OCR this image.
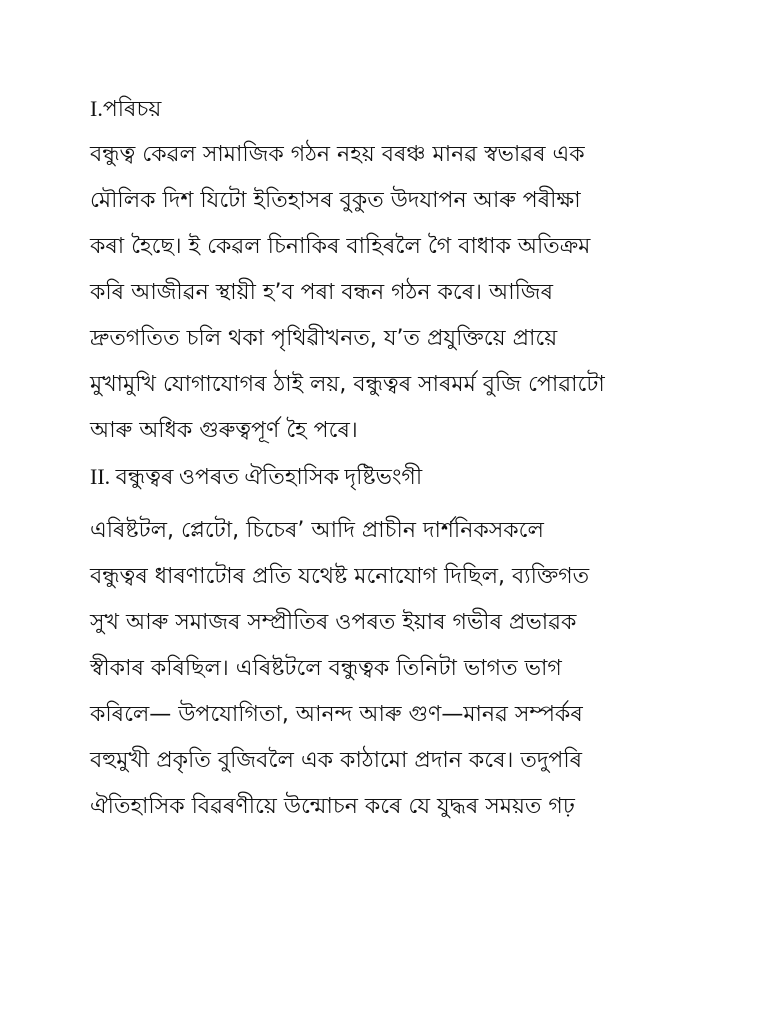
I.পৰিচয়
বন্ধুত্ব কেৱল সামাজিক গঠন নহয় বৰঞ্চ মানৱ স্বভাৱৰ এক
মৌলিক দিশ যিটো ইতিহাসৰ বুকুত উদযাপন আৰু পৰীক্ষা
কৰা হৈছে। ই কেৱল চিনাকিৰ বাহিৰলৈ গৈ বাধাক অতিক্ৰম
কৰি আজীৱন স্থায়ী হ’ব পৰা বন্ধন গঠন কৰে। আজিৰ
দ্ৰুতগতিত চলি থকা পৃথিৱীখনত, য’ত প্ৰযুক্তিয়ে প্ৰায়ে
মুখামুখি যোগাযোগৰ ঠাই লয়, বন্ধুত্বৰ সাৰমৰ্ম বুজি পোৱাটো
আৰু অধিক গুৰুত্বপূৰ্ণ হৈ পৰে।
II. বন্ধুত্বৰ ওপৰত ঐতিহাসিক দৃষ্টিভংগী
এৰিষ্টটল, প্লেটো, চিচেৰ’ আদি প্ৰাচীন দাৰ্শনিকসকলে
বন্ধুত্বৰ ধাৰণাটোৰ প্ৰতি যথেষ্ট মনোযোগ দিছিল, ব্যক্তিগত
সুখ আৰু সমাজৰ সম্প্ৰীতিৰ ওপৰত ইয়াৰ গভীৰ প্ৰভাৱক
স্বীকাৰ কৰিছিল। এৰিষ্টটলে বন্ধুত্বক তিনিটা ভাগত ভাগ
কৰিলে— উপযোগিতা, আনন্দ আৰু গুণ—মানৱ সম্পৰ্কৰ
বহুমুখী প্ৰকৃতি বুজিবলৈ এক কাঠামো প্ৰদান কৰে। তদুপৰি
ঐতিহাসিক বিৱৰণীয়ে উন্মোচন কৰে যে যুদ্ধৰ সময়ত গঢ়
